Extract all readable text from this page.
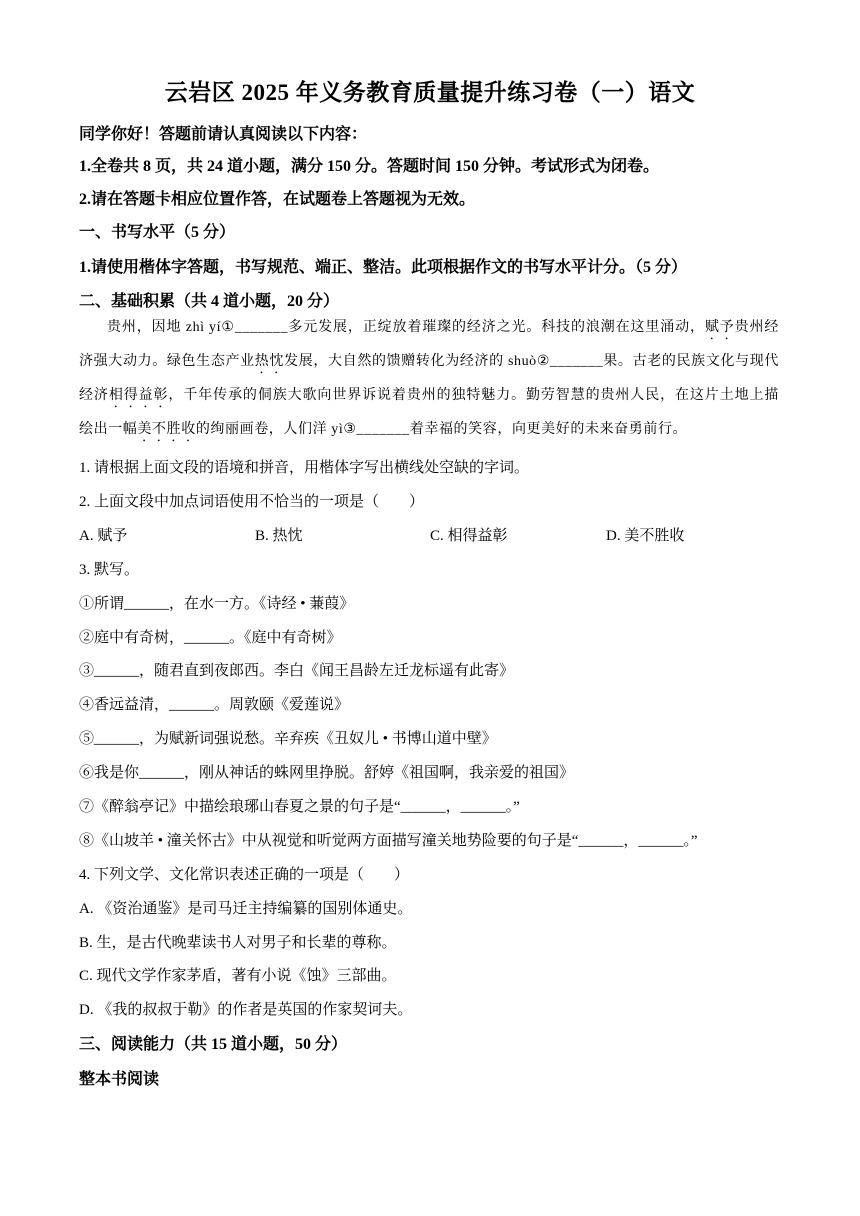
云岩区 2025 年义务教育质量提升练习卷（一）语文
同学你好！答题前请认真阅读以下内容：
1.全卷共 8 页，共 24 道小题，满分 150 分。答题时间 150 分钟。考试形式为闭卷。
2.请在答题卡相应位置作答，在试题卷上答题视为无效。
一、书写水平（5 分）
1.请使用楷体字答题，书写规范、端正、整洁。此项根据作文的书写水平计分。（5 分）
二、基础积累（共 4 道小题，20 分）

贵州，因地 zhì yí①_______多元发展，正绽放着璀璨的经济之光。科技的浪潮在这里涌动，赋予贵州经济强大动力。绿色生态产业热忱发展，大自然的馈赠转化为经济的 shuò②_______果。古老的民族文化与现代经济相得益彰，千年传承的侗族大歌向世界诉说着贵州的独特魅力。勤劳智慧的贵州人民，在这片土地上描绘出一幅美不胜收的绚丽画卷，人们洋 yì③_______着幸福的笑容，向更美好的未来奋勇前行。

1. 请根据上面文段的语境和拼音，用楷体字写出横线处空缺的字词。
2. 上面文段中加点词语使用不恰当的一项是（　　）
A. 赋予	B. 热忱	C. 相得益彰	D. 美不胜收
3. 默写。
①所谓______，在水一方。《诗经 • 蒹葭》
②庭中有奇树，______。《庭中有奇树》
③______，随君直到夜郎西。李白《闻王昌龄左迁龙标遥有此寄》
④香远益清，______。周敦颐《爱莲说》
⑤______，为赋新词强说愁。辛弃疾《丑奴儿 • 书博山道中壁》
⑥我是你______，刚从神话的蛛网里挣脱。舒婷《祖国啊，我亲爱的祖国》
⑦《醉翁亭记》中描绘琅琊山春夏之景的句子是“______，______。”
⑧《山坡羊 • 潼关怀古》中从视觉和听觉两方面描写潼关地势险要的句子是“______，______。”
4. 下列文学、文化常识表述正确的一项是（　　）
A. 《资治通鉴》是司马迁主持编纂的国别体通史。
B. 生，是古代晚辈读书人对男子和长辈的尊称。
C. 现代文学作家茅盾，著有小说《蚀》三部曲。
D. 《我的叔叔于勒》的作者是英国的作家契诃夫。
三、阅读能力（共 15 道小题，50 分）
整本书阅读
